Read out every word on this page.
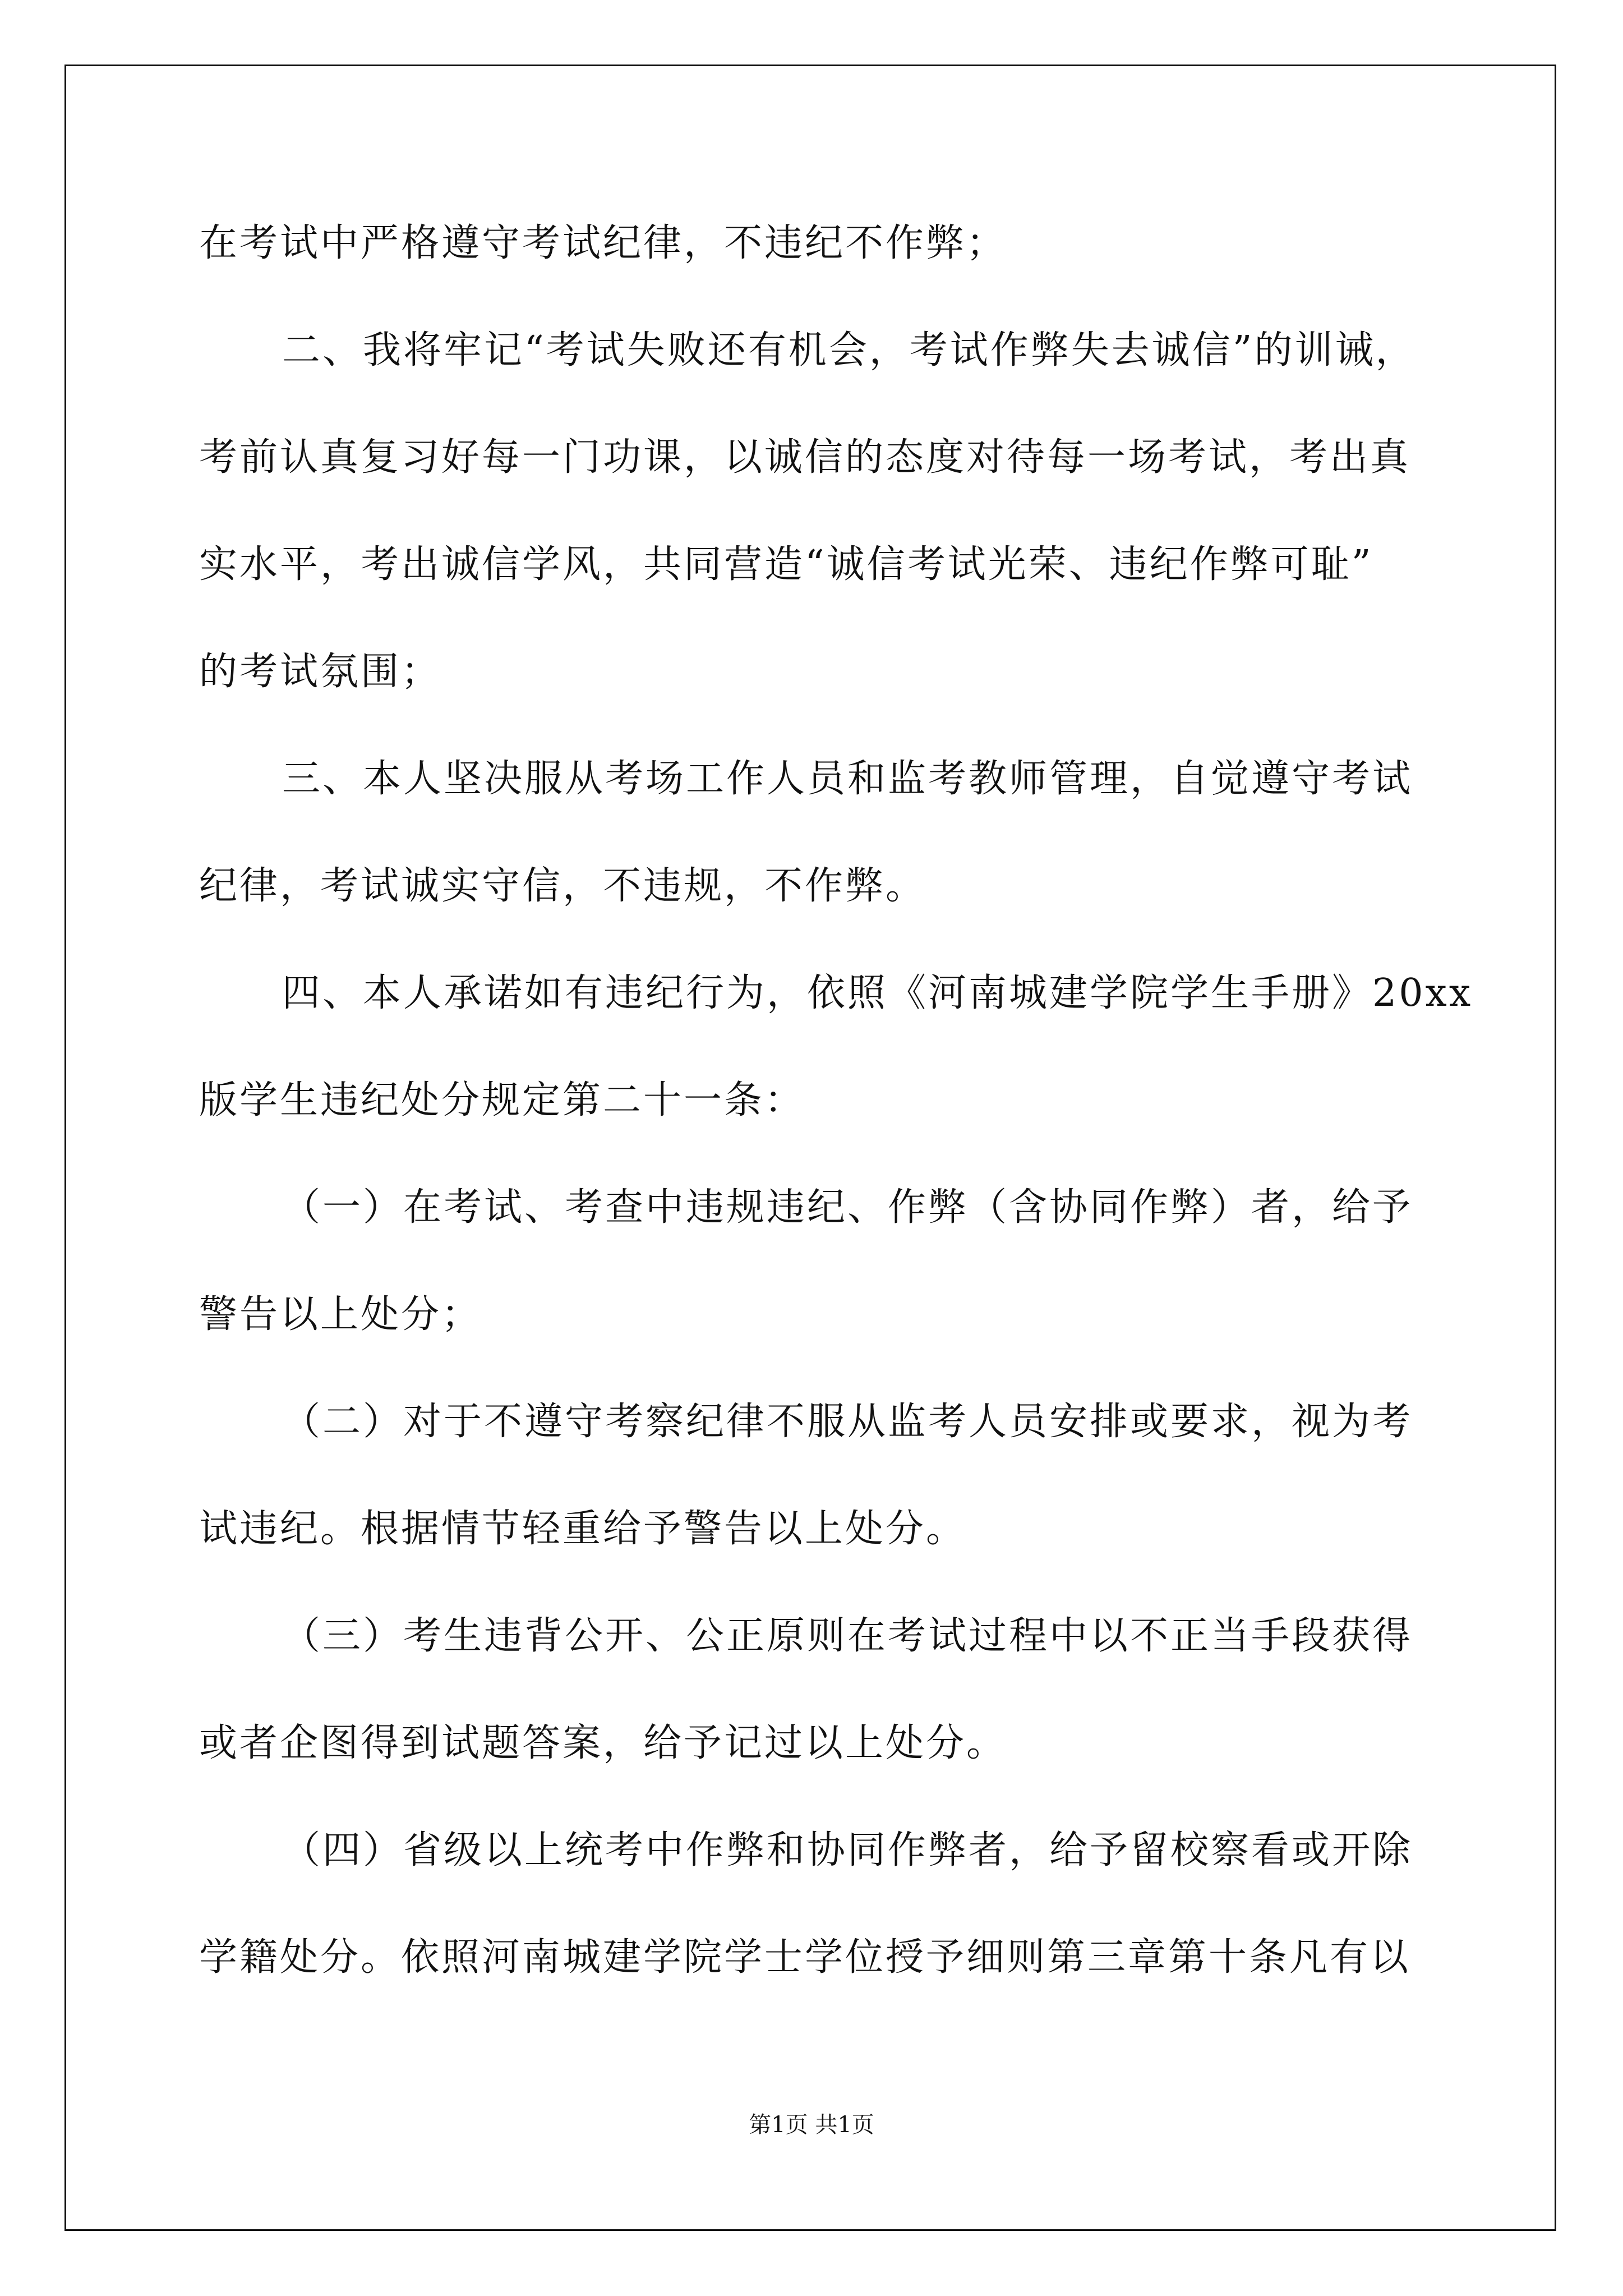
在考试中严格遵守考试纪律，不违纪不作弊；
二、我将牢记“考试失败还有机会，考试作弊失去诚信”的训诫，
考前认真复习好每一门功课，以诚信的态度对待每一场考试，考出真
实水平，考出诚信学风，共同营造“诚信考试光荣、违纪作弊可耻”
的考试氛围；
三、本人坚决服从考场工作人员和监考教师管理，自觉遵守考试
纪律，考试诚实守信，不违规，不作弊。
四、本人承诺如有违纪行为，依照《河南城建学院学生手册》20xx
版学生违纪处分规定第二十一条：
（一）在考试、考查中违规违纪、作弊（含协同作弊）者，给予
警告以上处分；
（二）对于不遵守考察纪律不服从监考人员安排或要求，视为考
试违纪。根据情节轻重给予警告以上处分。
（三）考生违背公开、公正原则在考试过程中以不正当手段获得
或者企图得到试题答案，给予记过以上处分。
（四）省级以上统考中作弊和协同作弊者，给予留校察看或开除
学籍处分。依照河南城建学院学士学位授予细则第三章第十条凡有以
第1页 共1页
